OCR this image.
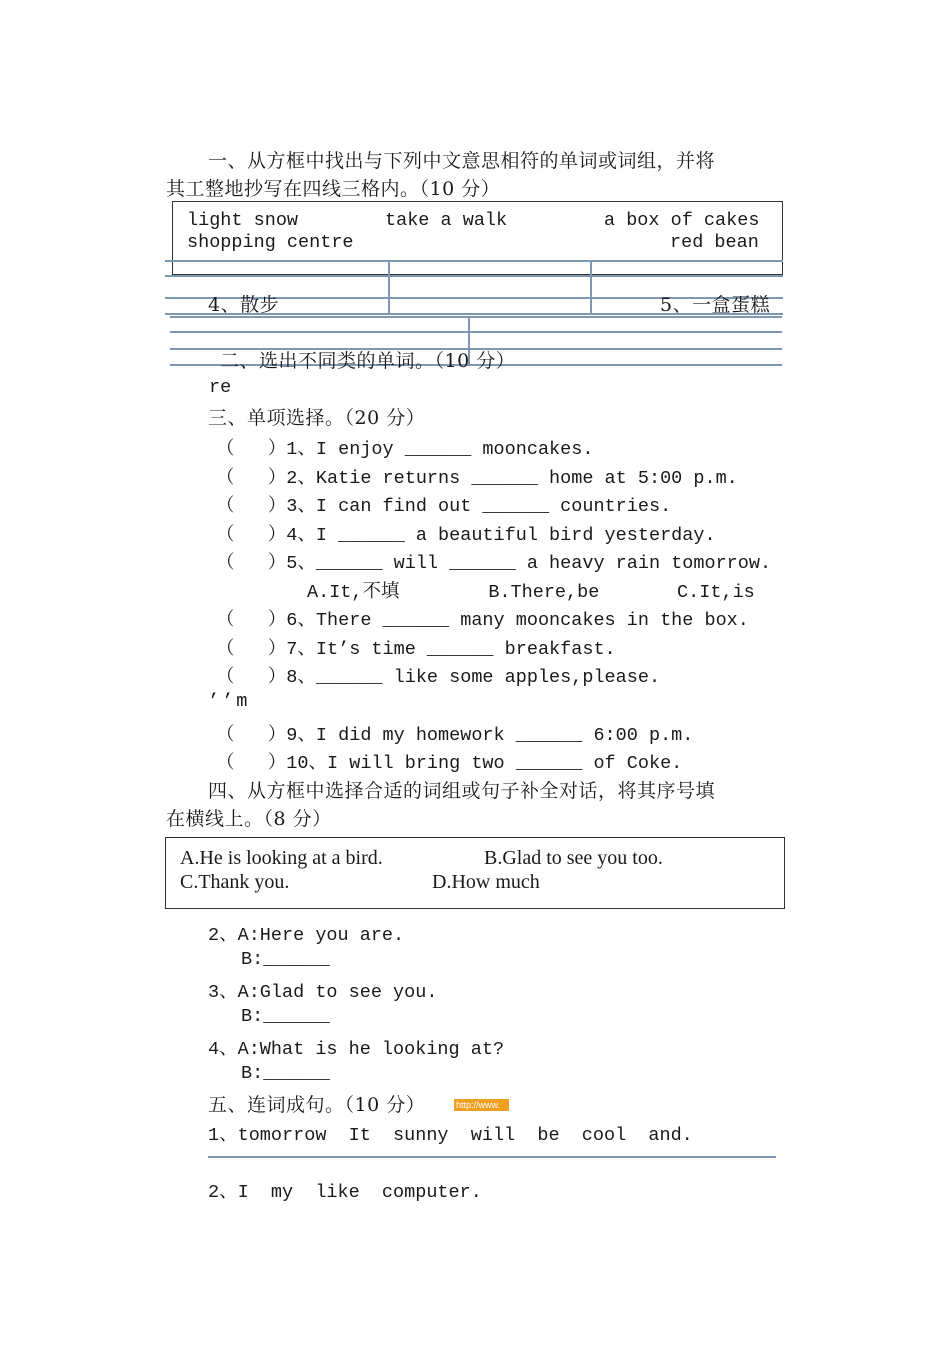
一、从方框中找出与下列中文意思相符的单词或词组，并将
其工整地抄写在四线三格内。（10 分）
light snow	take a walk	a box of cakes
shopping centre	red bean
4、散步	5、一盒蛋糕
二、选出不同类的单词。（10 分）
re
三、单项选择。（20 分）
（   ）1、I enjoy ______ mooncakes.
（   ）2、Katie returns ______ home at 5:00 p.m.
（   ）3、I can find out ______ countries.
（   ）4、I ______ a beautiful bird yesterday.
（   ）5、______ will ______ a heavy rain tomorrow.
A.It,不填        B.There,be       C.It,is
（   ）6、There ______ many mooncakes in the box.
（   ）7、It’s time ______ breakfast.
（   ）8、______ like some apples,please.
’’m
（   ）9、I did my homework ______ 6:00 p.m.
（   ）10、I will bring two ______ of Coke.
四、从方框中选择合适的词组或句子补全对话，将其序号填
在横线上。（8 分）
A.He is looking at a bird.	B.Glad to see you too.
C.Thank you.	D.How much
2、A:Here you are.
B:______
3、A:Glad to see you.
B:______
4、A:What is he looking at?
B:______
五、连词成句。（10 分）	http://www.
1、tomorrow  It  sunny  will  be  cool  and.
2、I  my  like  computer.
